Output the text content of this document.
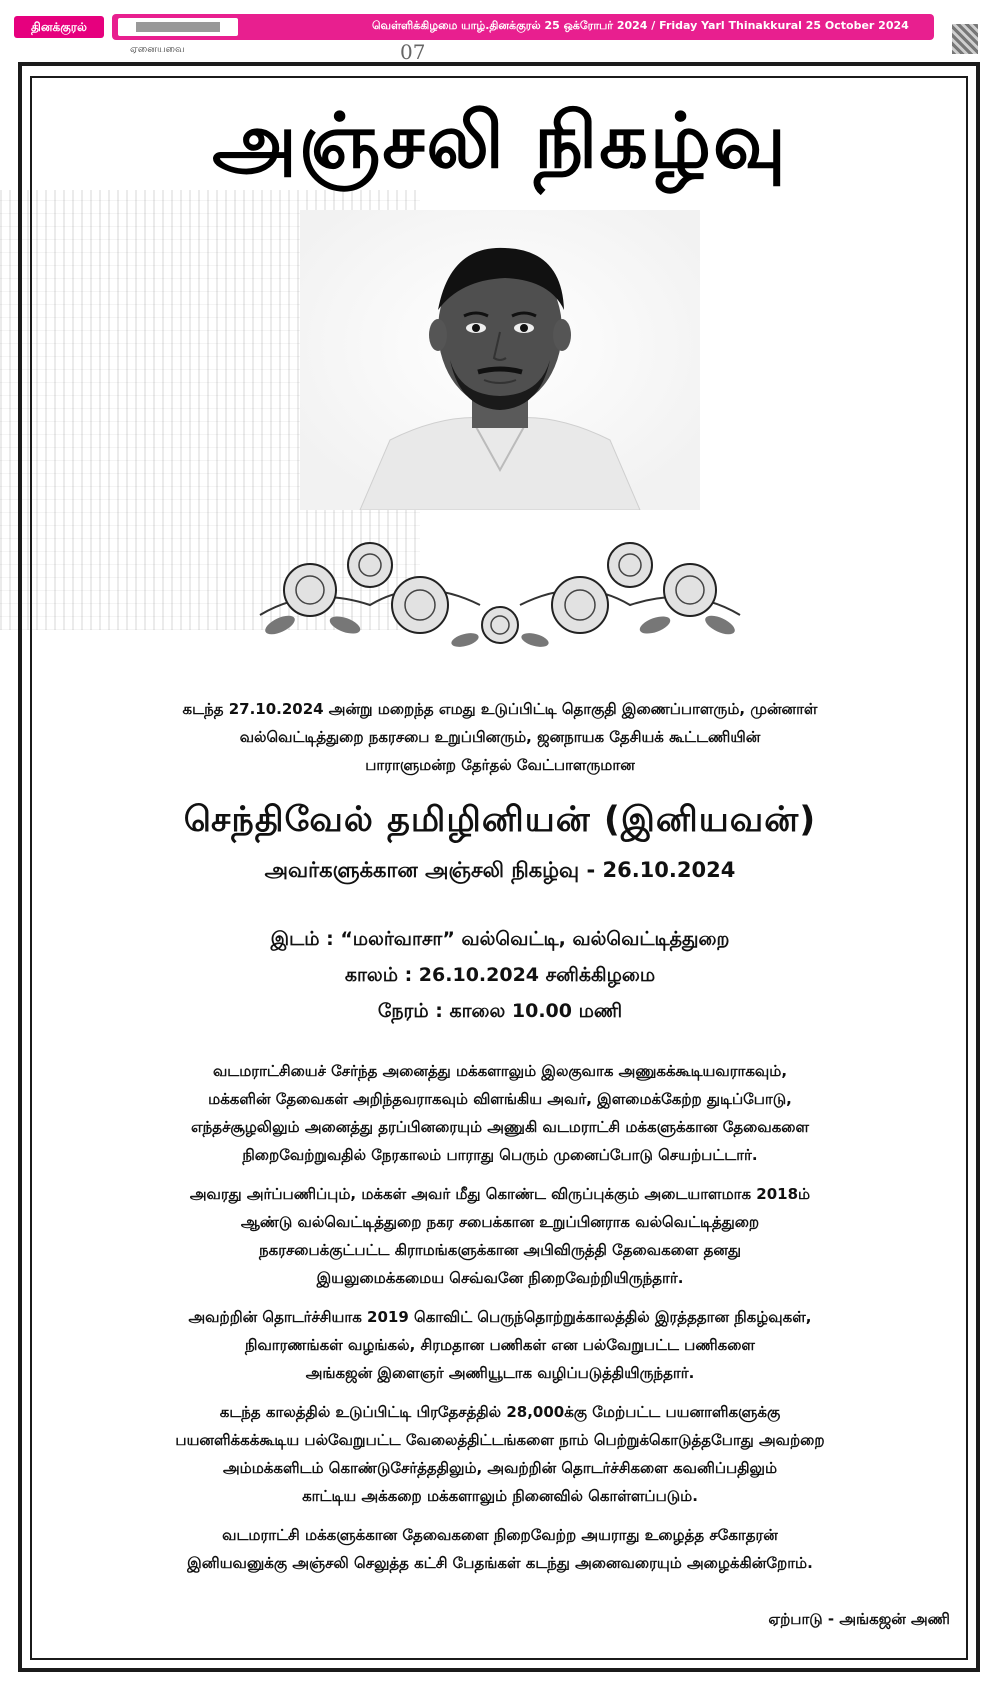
தினக்குரல்	வெள்ளிக்கிழமை யாழ்.தினக்குரல் 25 ஒக்ரோபர் 2024 / Friday Yarl Thinakkural 25 October 2024
ஏனையவை	07
அஞ்சலி நிகழ்வு
கடந்த 27.10.2024 அன்று மறைந்த எமது உடுப்பிட்டி தொகுதி இணைப்பாளரும், முன்னாள்
வல்வெட்டித்துறை நகரசபை உறுப்பினரும், ஜனநாயக தேசியக் கூட்டணியின்
பாராளுமன்ற தேர்தல் வேட்பாளருமான
செந்திவேல் தமிழினியன் (இனியவன்)
அவர்களுக்கான அஞ்சலி நிகழ்வு - 26.10.2024
இடம் : “மலர்வாசா” வல்வெட்டி, வல்வெட்டித்துறை
காலம் : 26.10.2024 சனிக்கிழமை
நேரம் : காலை 10.00 மணி
வடமராட்சியைச் சேர்ந்த அனைத்து மக்களாலும் இலகுவாக அணுகக்கூடியவராகவும்,
மக்களின் தேவைகள் அறிந்தவராகவும் விளங்கிய அவர், இளமைக்கேற்ற துடிப்போடு,
எந்தச்சூழலிலும் அனைத்து தரப்பினரையும் அணுகி வடமராட்சி மக்களுக்கான தேவைகளை
நிறைவேற்றுவதில் நேரகாலம் பாராது பெரும் முனைப்போடு செயற்பட்டார்.
அவரது அர்ப்பணிப்பும், மக்கள் அவர் மீது கொண்ட விருப்புக்கும் அடையாளமாக 2018ம்
ஆண்டு வல்வெட்டித்துறை நகர சபைக்கான உறுப்பினராக வல்வெட்டித்துறை
நகரசபைக்குட்பட்ட கிராமங்களுக்கான அபிவிருத்தி தேவைகளை தனது
இயலுமைக்கமைய செவ்வனே நிறைவேற்றியிருந்தார்.
அவற்றின் தொடர்ச்சியாக 2019 கொவிட் பெருந்தொற்றுக்காலத்தில் இரத்ததான நிகழ்வுகள்,
நிவாரணங்கள் வழங்கல், சிரமதான பணிகள் என பல்வேறுபட்ட பணிகளை
அங்கஜன் இளைஞர் அணியூடாக வழிப்படுத்தியிருந்தார்.
கடந்த காலத்தில் உடுப்பிட்டி பிரதேசத்தில் 28,000க்கு மேற்பட்ட பயனாளிகளுக்கு
பயனளிக்கக்கூடிய பல்வேறுபட்ட வேலைத்திட்டங்களை நாம் பெற்றுக்கொடுத்தபோது அவற்றை
அம்மக்களிடம் கொண்டுசேர்த்ததிலும், அவற்றின் தொடர்ச்சிகளை கவனிப்பதிலும்
காட்டிய அக்கறை மக்களாலும் நினைவில் கொள்ளப்படும்.
வடமராட்சி மக்களுக்கான தேவைகளை நிறைவேற்ற அயராது உழைத்த சகோதரன்
இனியவனுக்கு அஞ்சலி செலுத்த கட்சி பேதங்கள் கடந்து அனைவரையும் அழைக்கின்றோம்.
ஏற்பாடு - அங்கஜன் அணி
